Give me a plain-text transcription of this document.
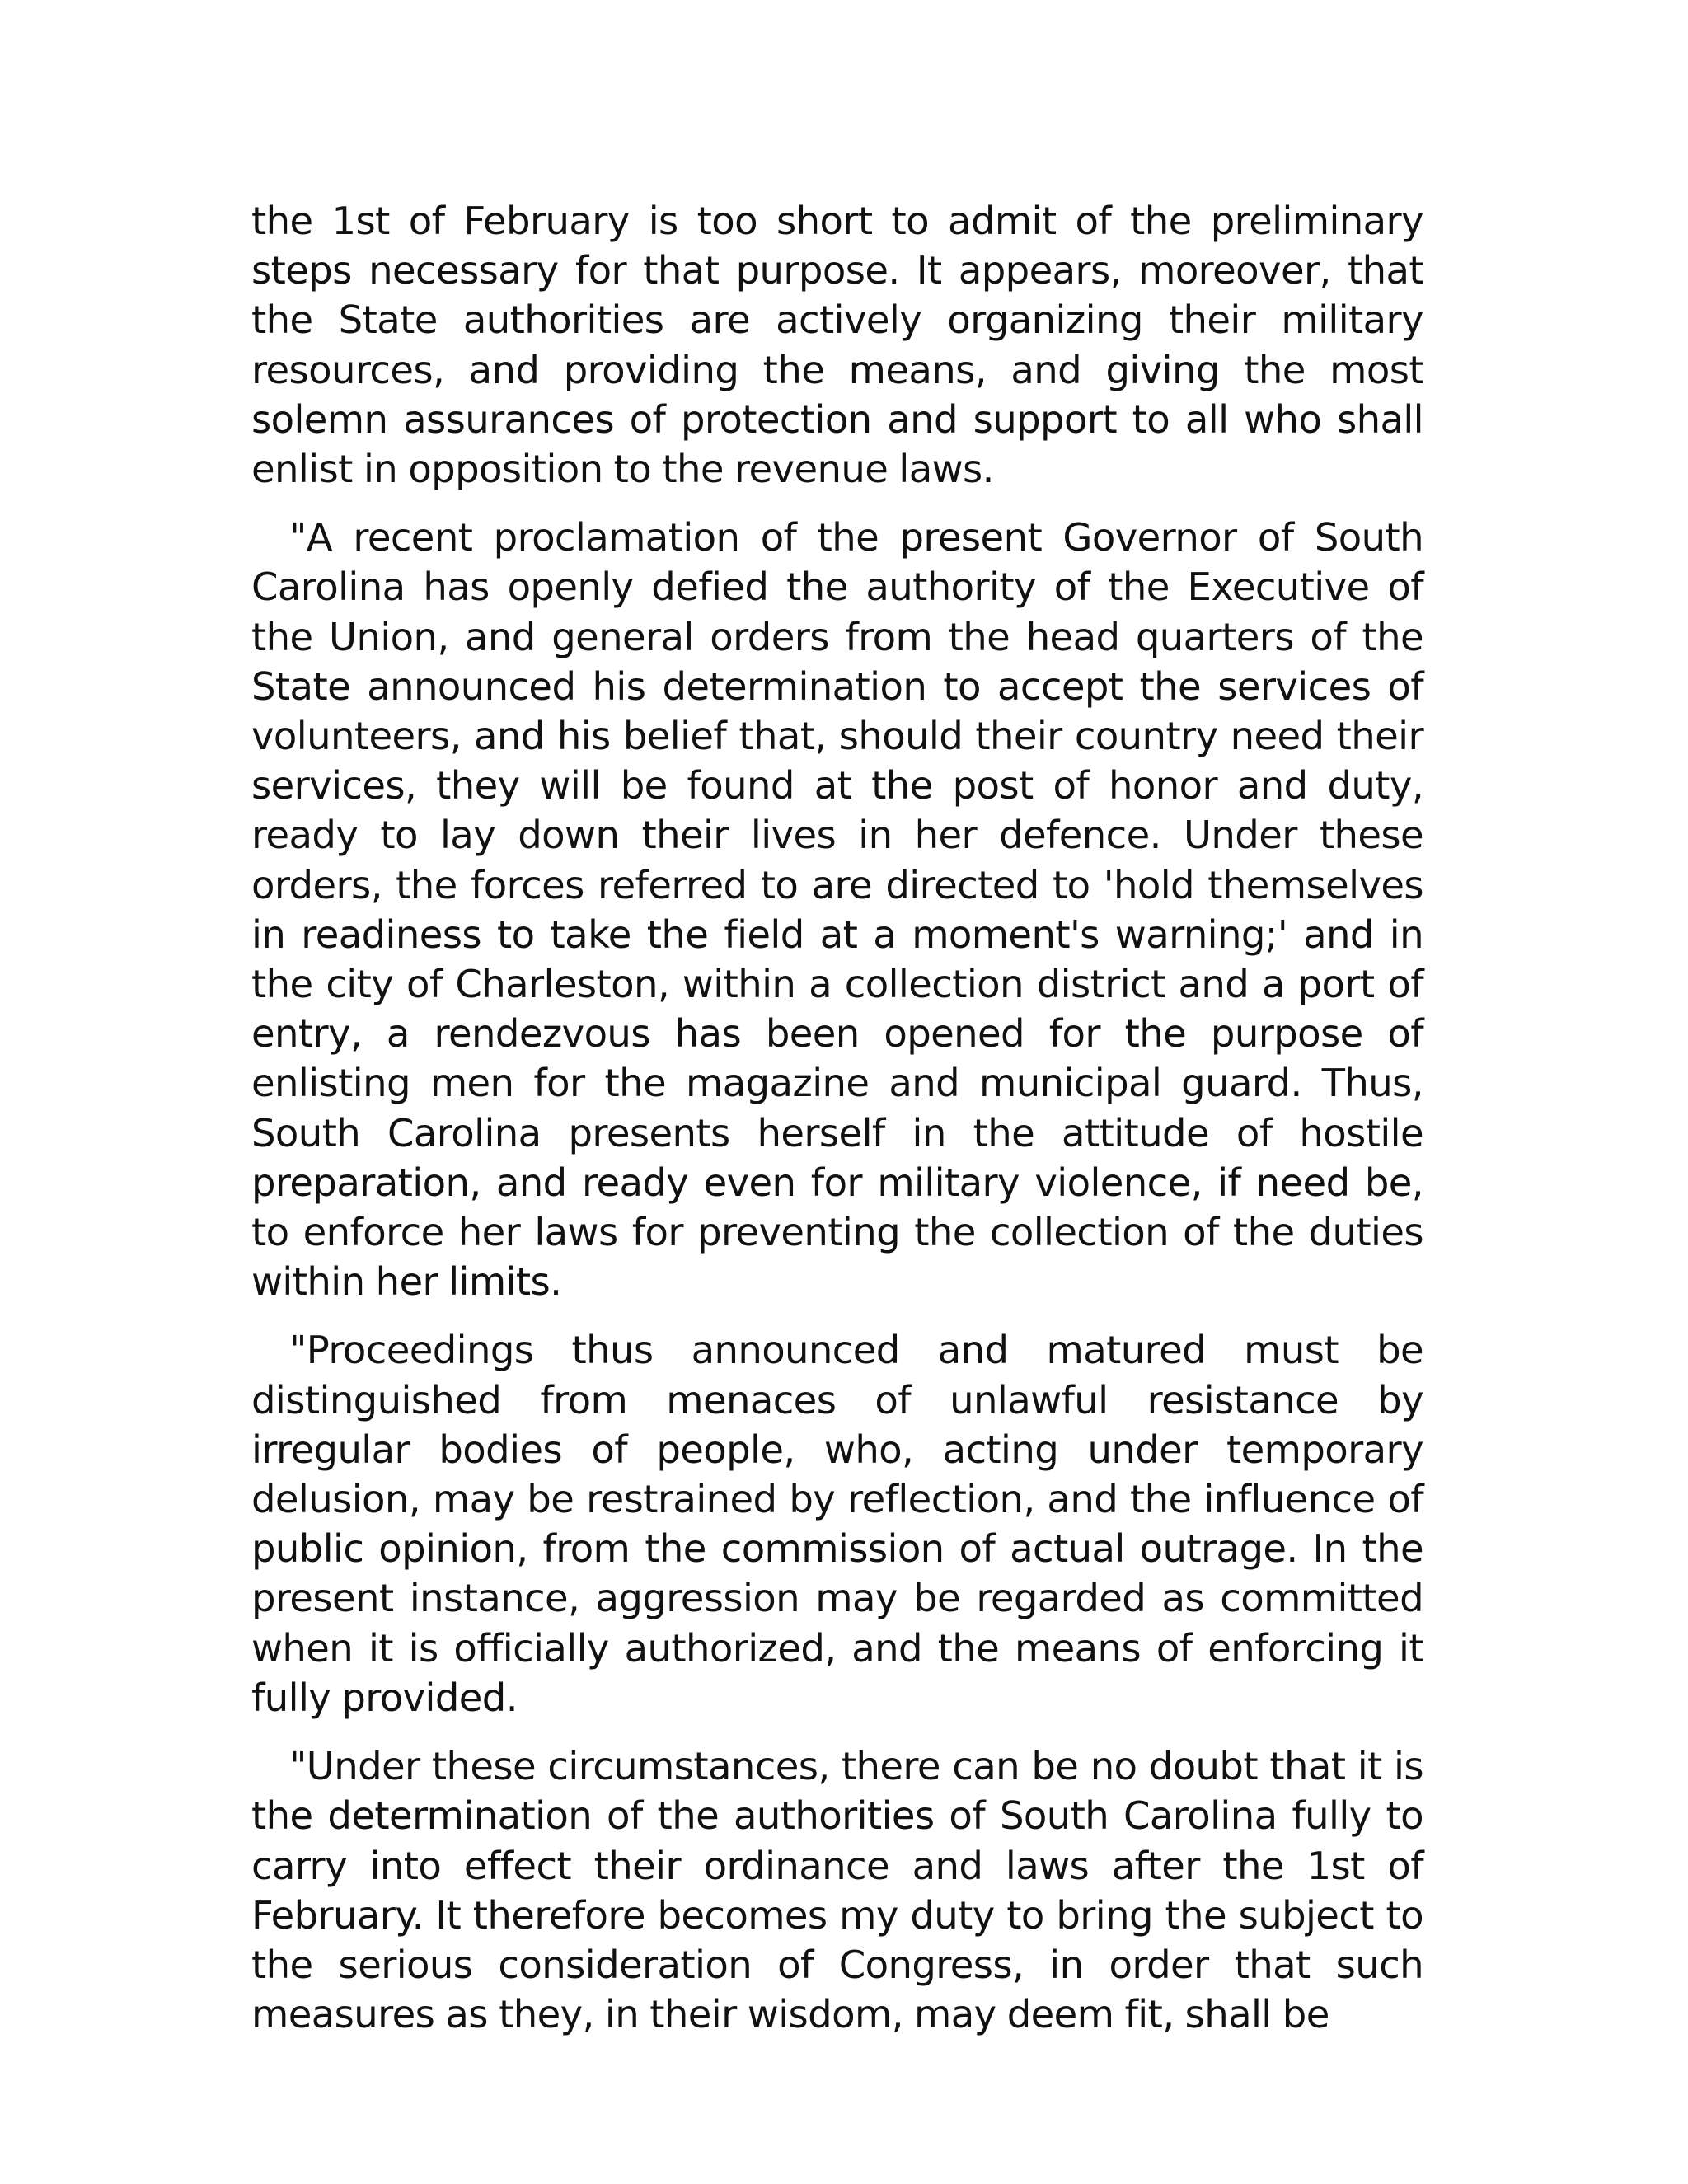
the 1st of February is too short to admit of the preliminary steps necessary for that purpose. It appears, moreover, that the State authorities are actively organizing their military resources, and providing the means, and giving the most solemn assurances of protection and support to all who shall enlist in opposition to the revenue laws.

"A recent proclamation of the present Governor of South Carolina has openly defied the authority of the Executive of the Union, and general orders from the head quarters of the State announced his determination to accept the services of volunteers, and his belief that, should their country need their services, they will be found at the post of honor and duty, ready to lay down their lives in her defence. Under these orders, the forces referred to are directed to 'hold themselves in readiness to take the field at a moment's warning;' and in the city of Charleston, within a collection district and a port of entry, a rendezvous has been opened for the purpose of enlisting men for the magazine and municipal guard. Thus, South Carolina presents herself in the attitude of hostile preparation, and ready even for military violence, if need be, to enforce her laws for preventing the collection of the duties within her limits.

"Proceedings thus announced and matured must be distinguished from menaces of unlawful resistance by irregular bodies of people, who, acting under temporary delusion, may be restrained by reflection, and the influence of public opinion, from the commission of actual outrage. In the present instance, aggression may be regarded as committed when it is officially authorized, and the means of enforcing it fully provided.

"Under these circumstances, there can be no doubt that it is the determination of the authorities of South Carolina fully to carry into effect their ordinance and laws after the 1st of February. It therefore becomes my duty to bring the subject to the serious consideration of Congress, in order that such measures as they, in their wisdom, may deem fit, shall be
